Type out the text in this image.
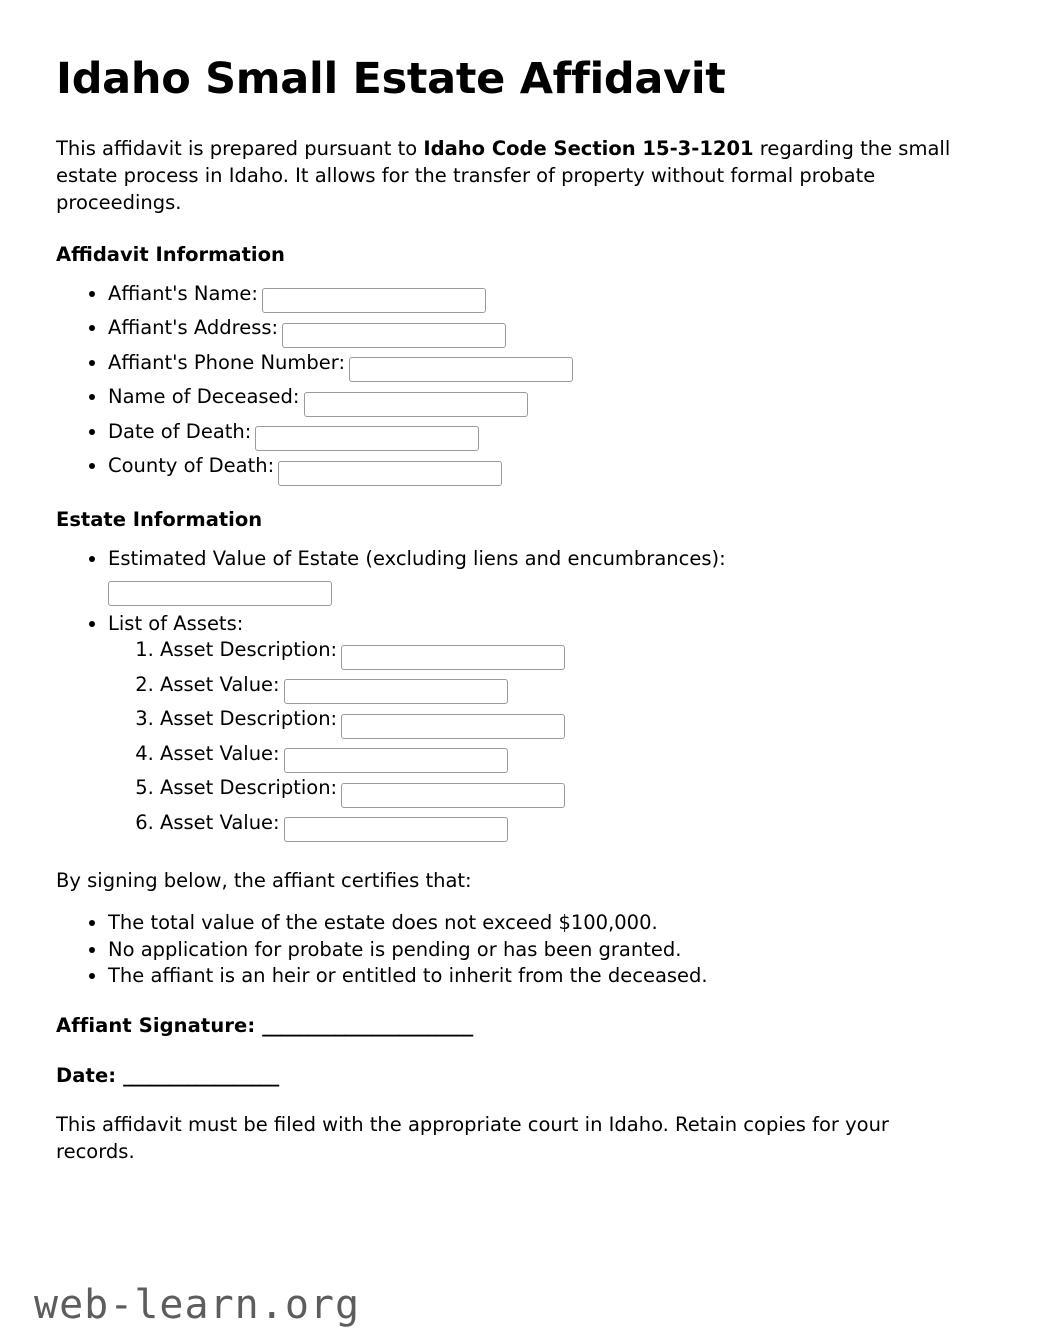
Idaho Small Estate Affidavit

This affidavit is prepared pursuant to Idaho Code Section 15-3-1201 regarding the small estate process in Idaho. It allows for the transfer of property without formal probate proceedings.

Affidavit Information
• Affiant's Name:
• Affiant's Address:
• Affiant's Phone Number:
• Name of Deceased:
• Date of Death:
• County of Death:
Estate Information
• Estimated Value of Estate (excluding liens and encumbrances):
• List of Assets:
1. Asset Description:
2. Asset Value:
3. Asset Description:
4. Asset Value:
5. Asset Description:
6. Asset Value:

By signing below, the affiant certifies that:

• The total value of the estate does not exceed $100,000.
• No application for probate is pending or has been granted.
• The affiant is an heir or entitled to inherit from the deceased.

Affiant Signature: _______________________

Date: _________________

This affidavit must be filed with the appropriate court in Idaho. Retain copies for your records.

web-learn.org
